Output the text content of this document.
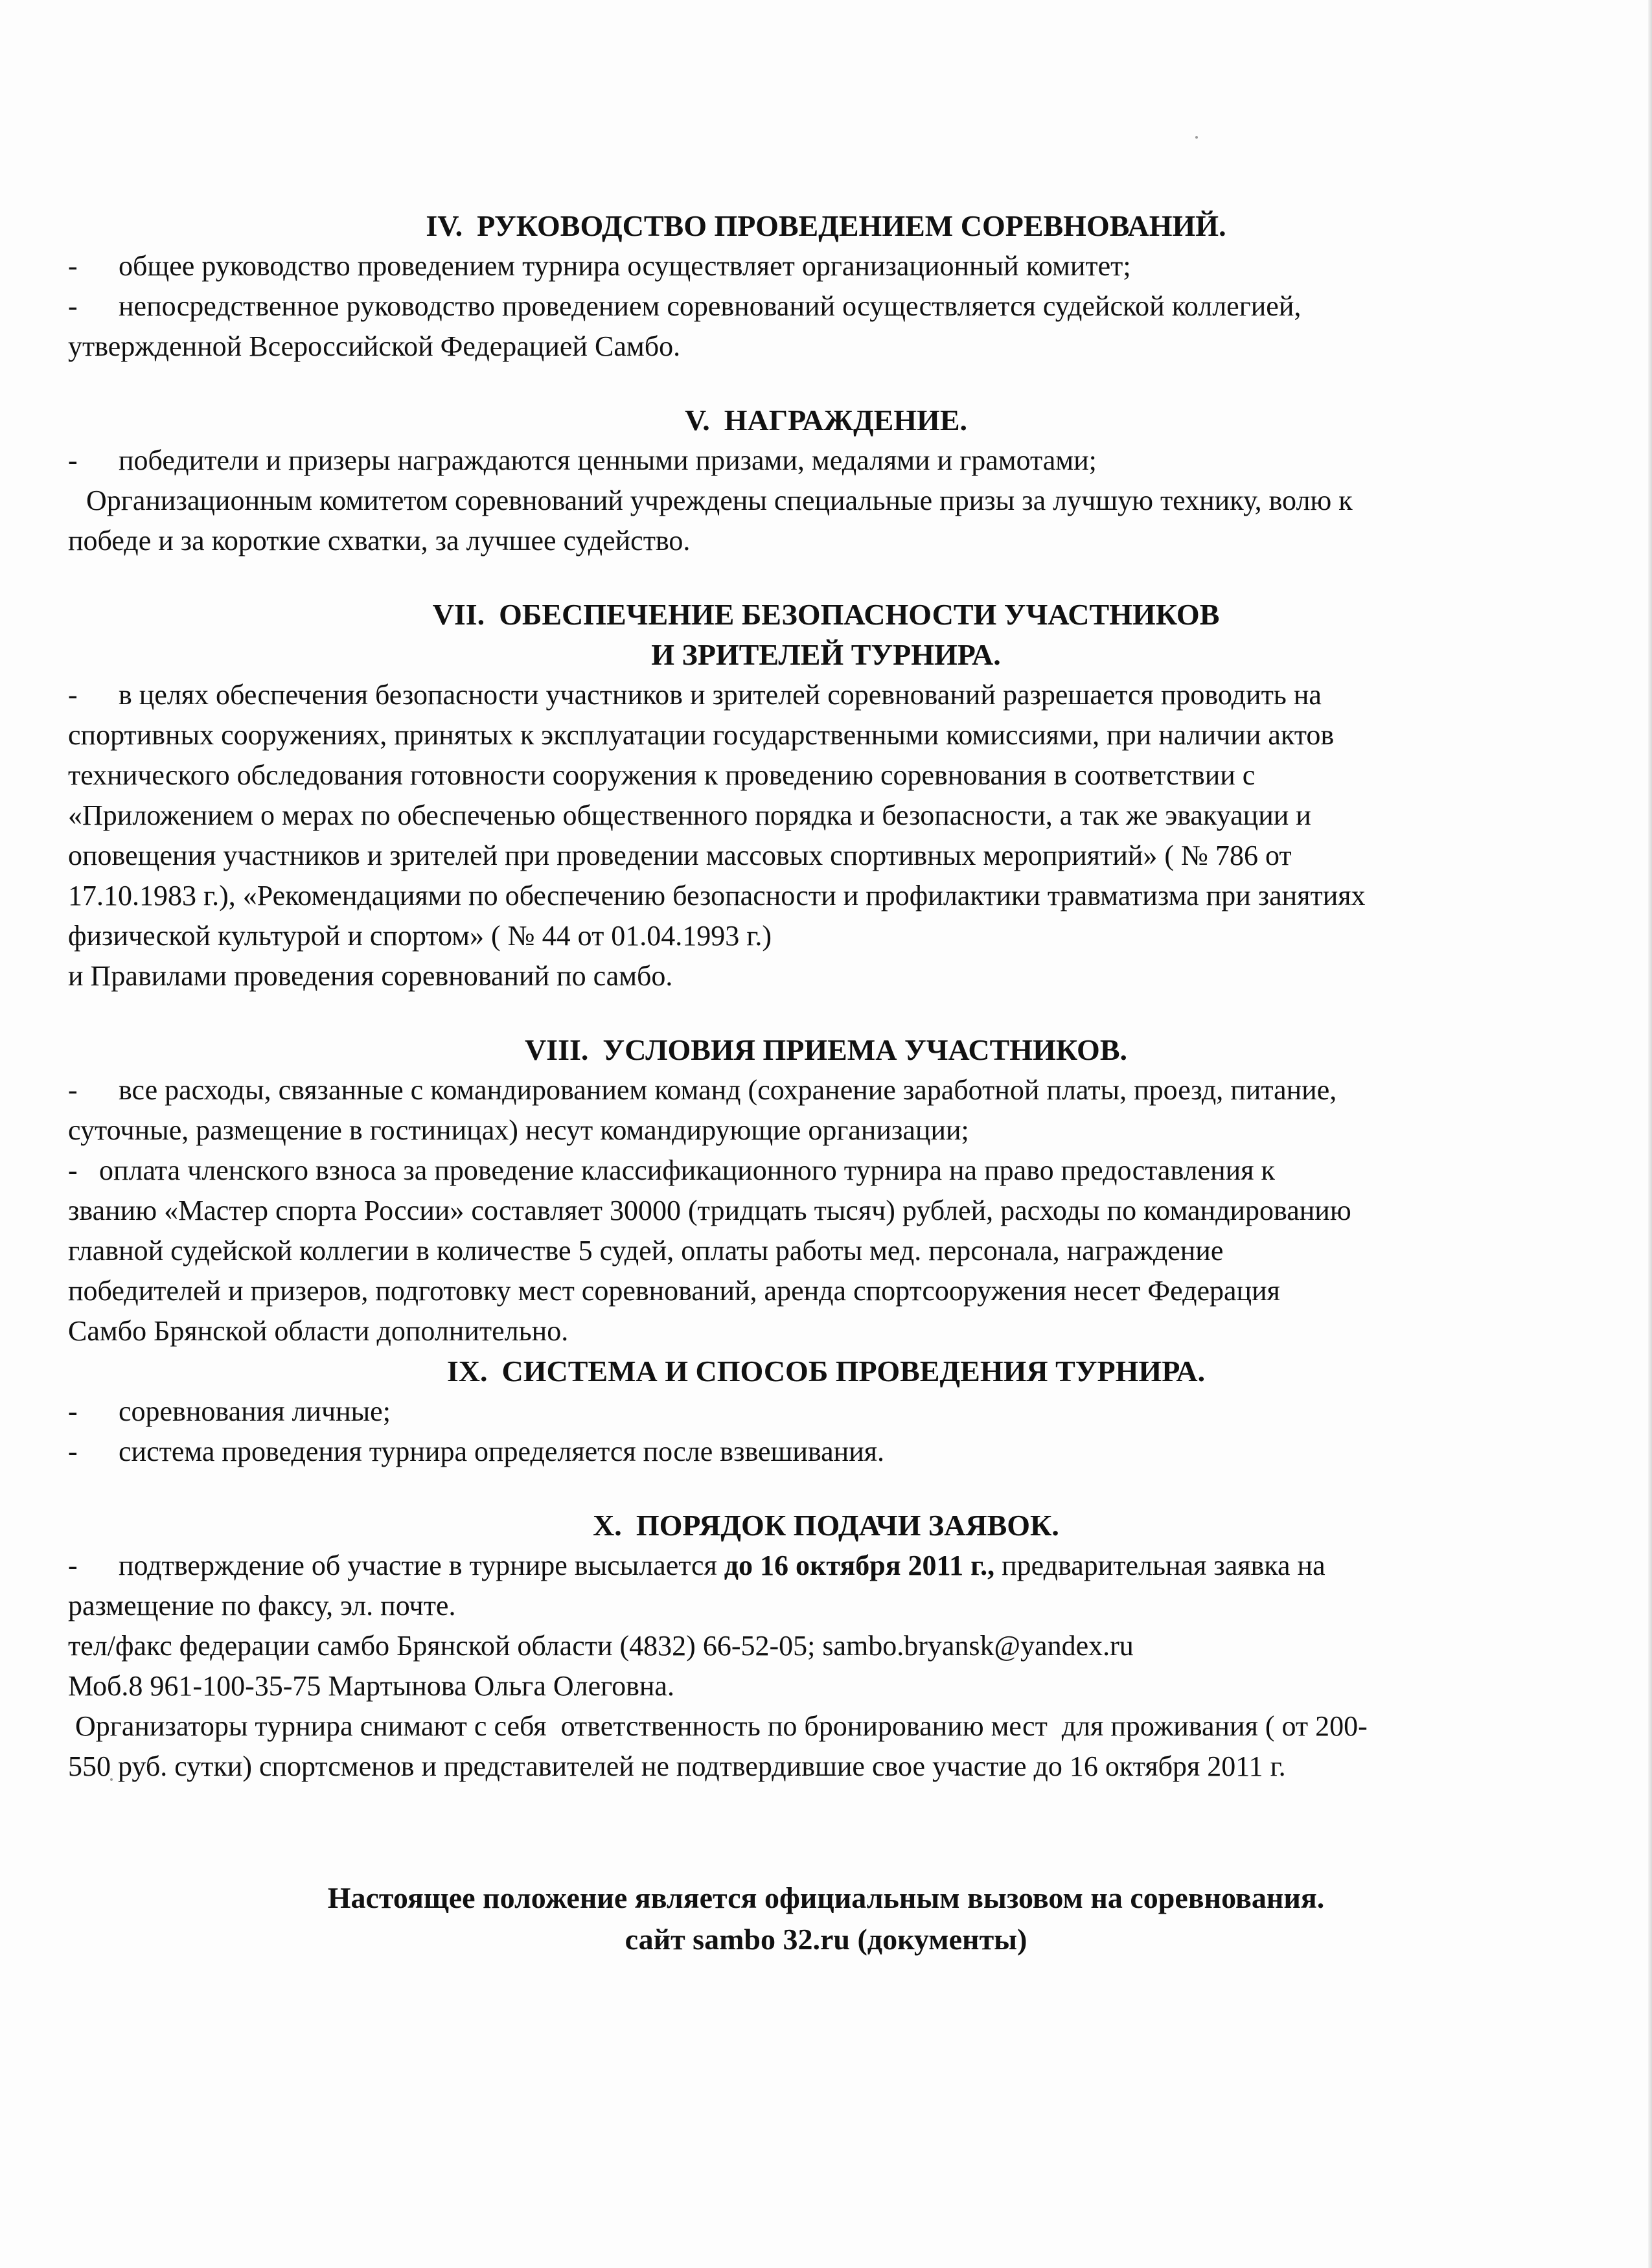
IV. РУКОВОДСТВО ПРОВЕДЕНИЕМ СОРЕВНОВАНИЙ.

- общее руководство проведением турнира осуществляет организационный комитет;

- непосредственное руководство проведением соревнований осуществляется судейской коллегией,

утвержденной Всероссийской Федерацией Самбо.

V. НАГРАЖДЕНИЕ.

- победители и призеры награждаются ценными призами, медалями и грамотами;

Организационным комитетом соревнований учреждены специальные призы за лучшую технику, волю к

победе и за короткие схватки, за лучшее судейство.

VII. ОБЕСПЕЧЕНИЕ БЕЗОПАСНОСТИ УЧАСТНИКОВ

И ЗРИТЕЛЕЙ ТУРНИРА.

- в целях обеспечения безопасности участников и зрителей соревнований разрешается проводить на

спортивных сооружениях, принятых к эксплуатации государственными комиссиями, при наличии актов

технического обследования готовности сооружения к проведению соревнования в соответствии с

«Приложением о мерах по обеспеченью общественного порядка и безопасности, а так же эвакуации и

оповещения участников и зрителей при проведении массовых спортивных мероприятий» ( № 786 от

17.10.1983 г.), «Рекомендациями по обеспечению безопасности и профилактики травматизма при занятиях

физической культурой и спортом» ( № 44 от 01.04.1993 г.)

и Правилами проведения соревнований по самбо.

VIII. УСЛОВИЯ ПРИЕМА УЧАСТНИКОВ.

- все расходы, связанные с командированием команд (сохранение заработной платы, проезд, питание,

суточные, размещение в гостиницах) несут командирующие организации;

- оплата членского взноса за проведение классификационного турнира на право предоставления к

званию «Мастер спорта России» составляет 30000 (тридцать тысяч) рублей, расходы по командированию

главной судейской коллегии в количестве 5 судей, оплаты работы мед. персонала, награждение

победителей и призеров, подготовку мест соревнований, аренда спортсооружения несет Федерация

Самбо Брянской области дополнительно.

IX. СИСТЕМА И СПОСОБ ПРОВЕДЕНИЯ ТУРНИРА.

- соревнования личные;

- система проведения турнира определяется после взвешивания.

X. ПОРЯДОК ПОДАЧИ ЗАЯВОК.

- подтверждение об участие в турнире высылается до 16 октября 2011 г., предварительная заявка на

размещение по факсу, эл. почте.

тел/факс федерации самбо Брянской области (4832) 66-52-05; sambo.bryansk@yandex.ru

Моб.8 961-100-35-75 Мартынова Ольга Олеговна.

Организаторы турнира снимают с себя  ответственность по бронированию мест  для проживания ( от 200-

550 руб. сутки) спортсменов и представителей не подтвердившие свое участие до 16 октября 2011 г.

Настоящее положение является официальным вызовом на соревнования.

сайт sambo 32.ru (документы)
